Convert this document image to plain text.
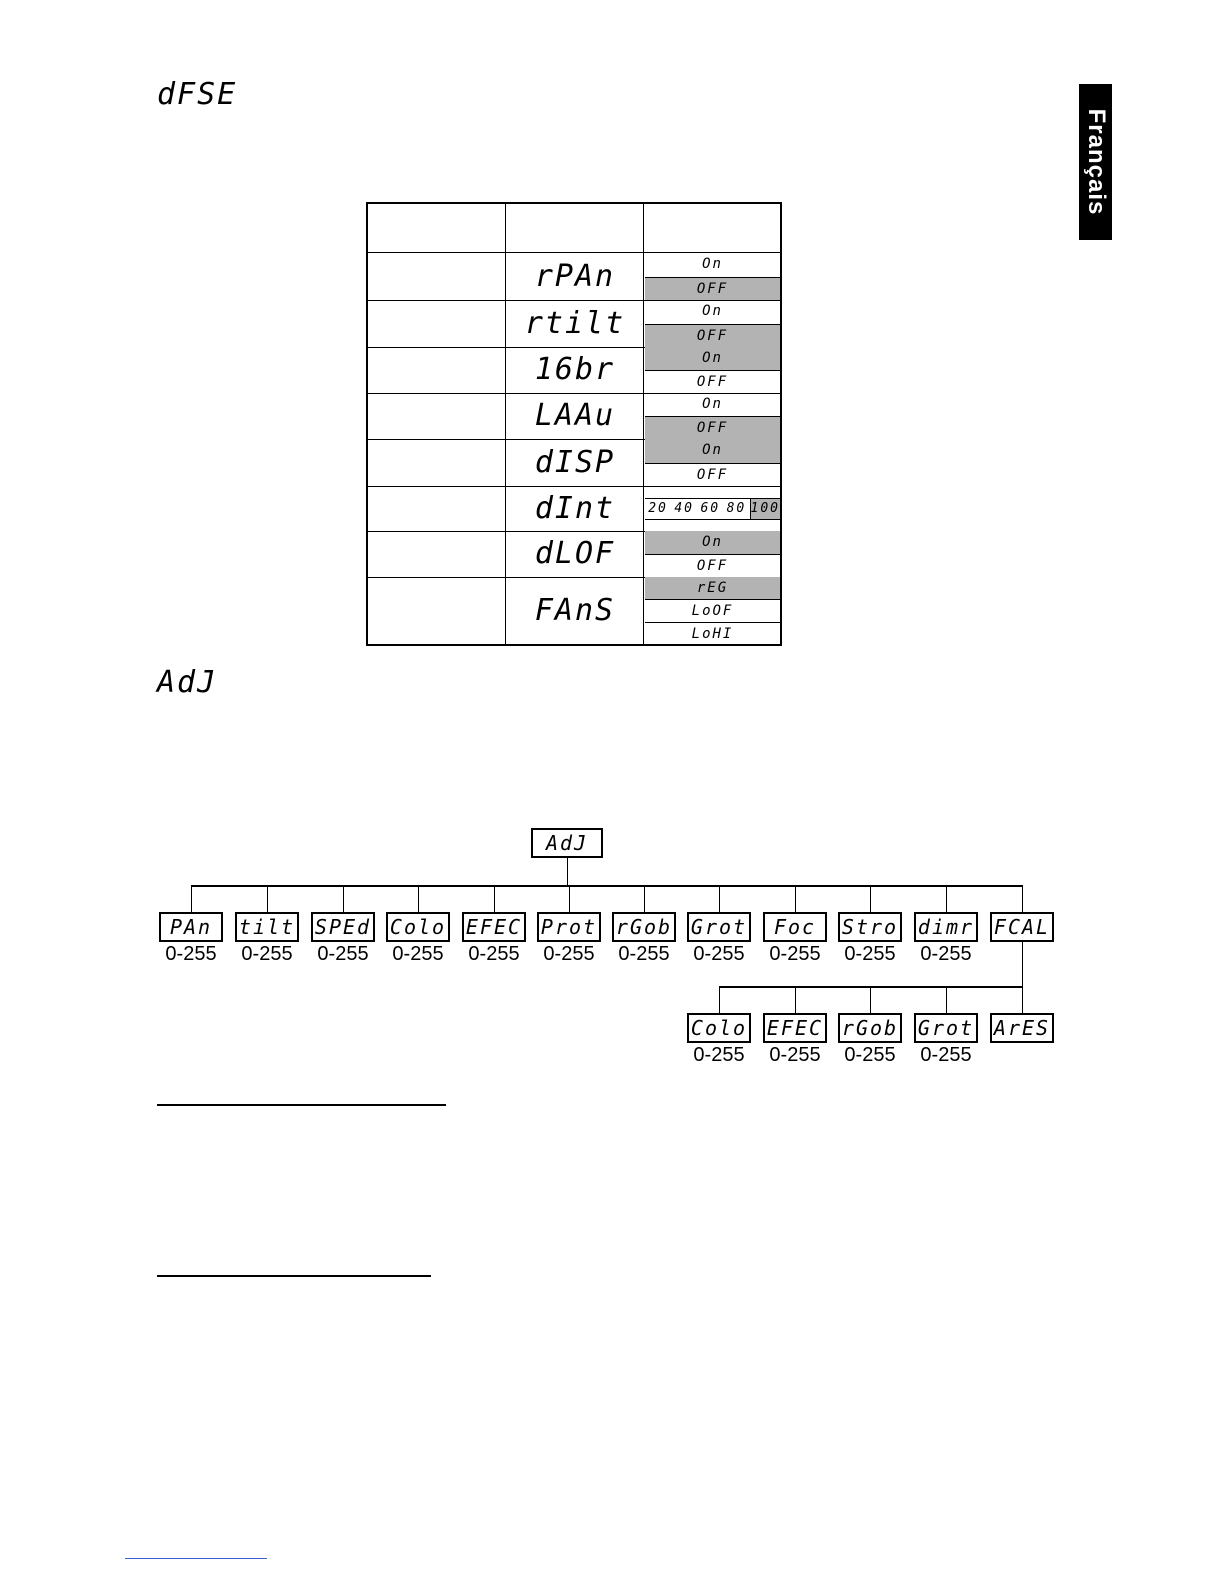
Français
dFSE
rPAn	On
OFF
rtilt	On
OFF
16br	On
OFF
LAAu	On
OFF
dISP	On
OFF
dInt	20 40 60 80 100
dLOF	On
OFF
FAnS
rEG
LoOF
LoHI
AdJ
AdJ
PAn
0-255
tilt
0-255
SPEd
0-255
Colo
0-255
EFEC
0-255
Prot
0-255
rGob
0-255
Grot
0-255
Foc
0-255
Stro
0-255
dimr
0-255
FCAL
Colo
0-255
EFEC
0-255
rGob
0-255
Grot
0-255
ArES
